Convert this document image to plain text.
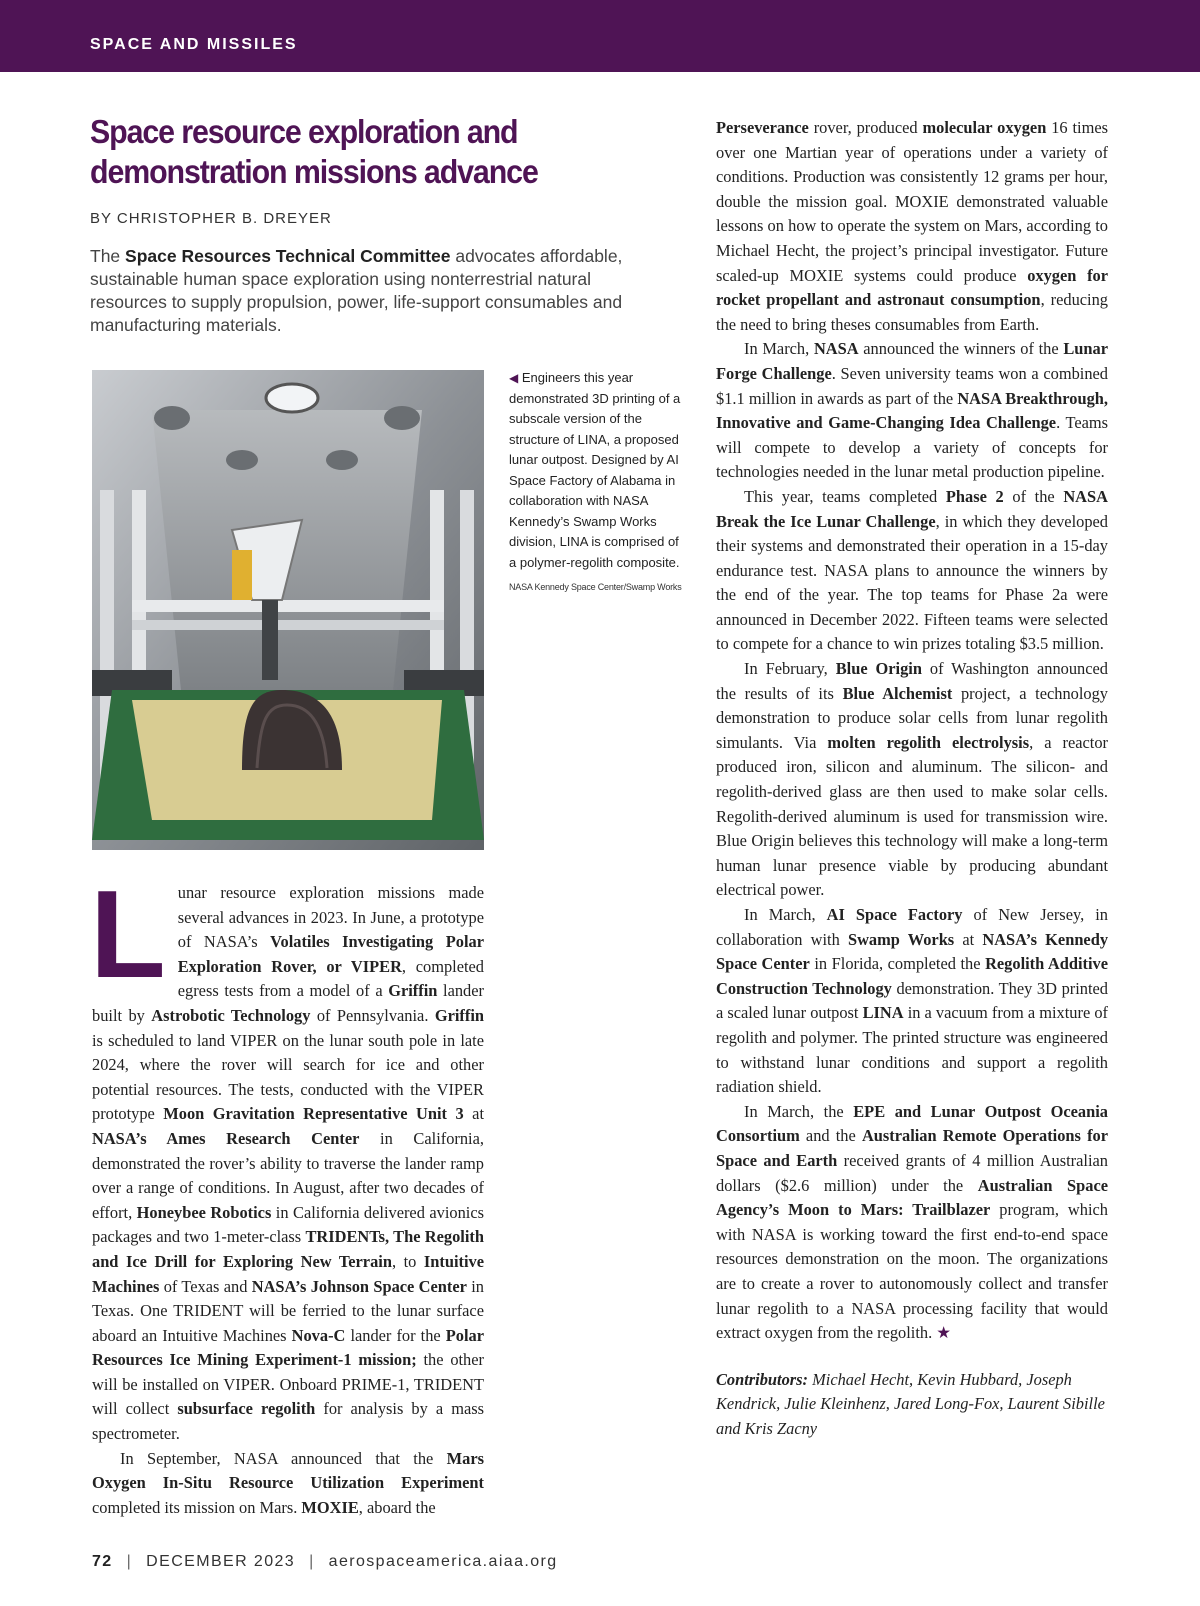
SPACE AND MISSILES
Space resource exploration and demonstration missions advance
BY CHRISTOPHER B. DREYER
The Space Resources Technical Committee advocates affordable, sustainable human space exploration using nonterrestrial natural resources to supply propulsion, power, life-support consumables and manufacturing materials.
◀ Engineers this year demonstrated 3D printing of a subscale version of the structure of LINA, a proposed lunar outpost. Designed by AI Space Factory of Alabama in collaboration with NASA Kennedy’s Swamp Works division, LINA is comprised of a polymer-regolith composite.
NASA Kennedy Space Center/Swamp Works
L unar resource exploration missions made several advances in 2023. In June, a prototype of NASA’s Volatiles Investigating Polar Exploration Rover, or VIPER, completed egress tests from a model of a Griffin lander built by Astrobotic Technology of Pennsylvania. Griffin is scheduled to land VIPER on the lunar south pole in late 2024, where the rover will search for ice and other potential resources. The tests, conducted with the VIPER prototype Moon Gravitation Representative Unit 3 at NASA’s Ames Research Center in California, demonstrated the rover’s ability to traverse the lander ramp over a range of conditions. In August, after two decades of effort, Honeybee Robotics in California delivered avionics packages and two 1-meter-class TRIDENTs, The Regolith and Ice Drill for Exploring New Terrain, to Intuitive Machines of Texas and NASA’s Johnson Space Center in Texas. One TRIDENT will be ferried to the lunar surface aboard an Intuitive Machines Nova-C lander for the Polar Resources Ice Mining Experiment-1 mission; the other will be installed on VIPER. Onboard PRIME-1, TRIDENT will collect subsurface regolith for analysis by a mass spectrometer.

In September, NASA announced that the Mars Oxygen In-Situ Resource Utilization Experiment completed its mission on Mars. MOXIE, aboard the

Perseverance rover, produced molecular oxygen 16 times over one Martian year of operations under a variety of conditions. Production was consistently 12 grams per hour, double the mission goal. MOXIE demonstrated valuable lessons on how to operate the system on Mars, according to Michael Hecht, the project’s principal investigator. Future scaled-up MOXIE systems could produce oxygen for rocket propellant and astronaut consumption, reducing the need to bring theses consumables from Earth.

In March, NASA announced the winners of the Lunar Forge Challenge. Seven university teams won a combined $1.1 million in awards as part of the NASA Breakthrough, Innovative and Game-Changing Idea Challenge. Teams will compete to develop a variety of concepts for technologies needed in the lunar metal production pipeline.

This year, teams completed Phase 2 of the NASA Break the Ice Lunar Challenge, in which they developed their systems and demonstrated their operation in a 15-day endurance test. NASA plans to announce the winners by the end of the year. The top teams for Phase 2a were announced in December 2022. Fifteen teams were selected to compete for a chance to win prizes totaling $3.5 million.

In February, Blue Origin of Washington announced the results of its Blue Alchemist project, a technology demonstration to produce solar cells from lunar regolith simulants. Via molten regolith electrolysis, a reactor produced iron, silicon and aluminum. The silicon- and regolith-derived glass are then used to make solar cells. Regolith-derived aluminum is used for transmission wire. Blue Origin believes this technology will make a long-term human lunar presence viable by producing abundant electrical power.

In March, AI Space Factory of New Jersey, in collaboration with Swamp Works at NASA’s Kennedy Space Center in Florida, completed the Regolith Additive Construction Technology demonstration. They 3D printed a scaled lunar outpost LINA in a vacuum from a mixture of regolith and polymer. The printed structure was engineered to withstand lunar conditions and support a regolith radiation shield.

In March, the EPE and Lunar Outpost Oceania Consortium and the Australian Remote Operations for Space and Earth received grants of 4 million Australian dollars ($2.6 million) under the Australian Space Agency’s Moon to Mars: Trailblazer program, which with NASA is working toward the first end-to-end space resources demonstration on the moon. The organizations are to create a rover to autonomously collect and transfer lunar regolith to a NASA processing facility that would extract oxygen from the regolith. ★

Contributors: Michael Hecht, Kevin Hubbard, Joseph Kendrick, Julie Kleinhenz, Jared Long-Fox, Laurent Sibille and Kris Zacny

72 | DECEMBER 2023 | aerospaceamerica.aiaa.org
